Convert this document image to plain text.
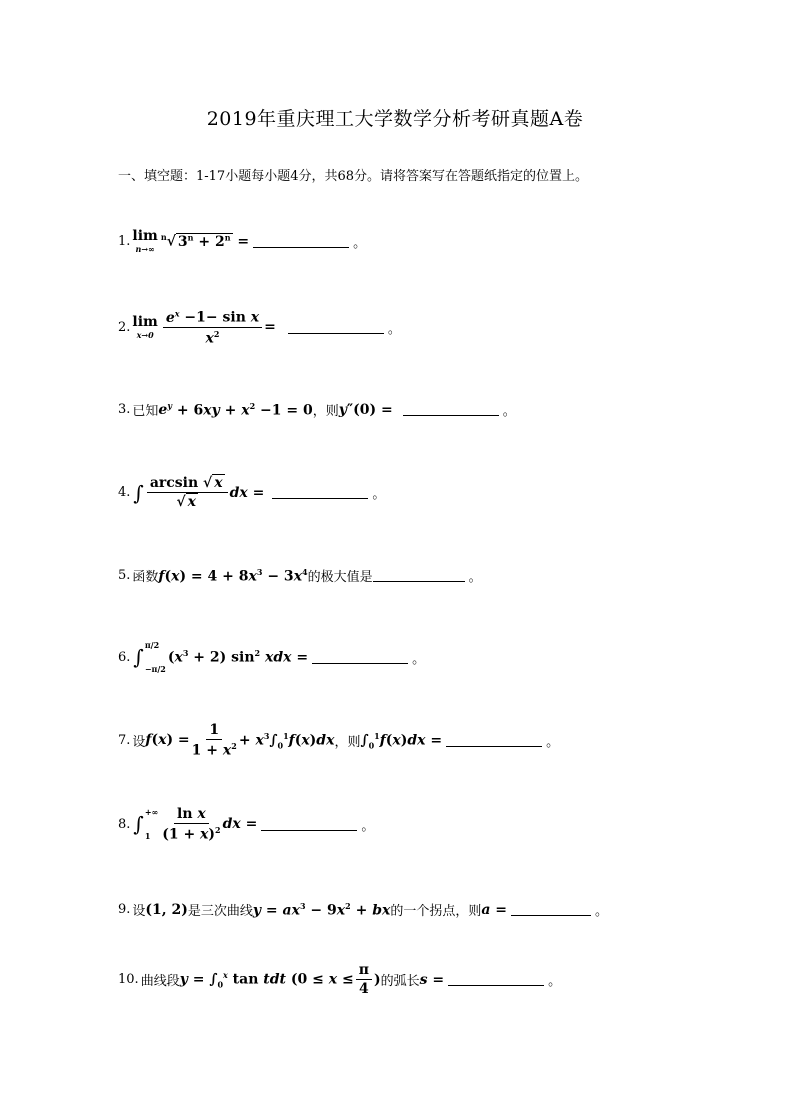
2019年重庆理工大学数学分析考研真题A卷
一、填空题：1-17小题每小题4分，共68分。请将答案写在答题纸指定的位置上。
1. lim
n→∞
$^n$√ $3^n + 2^n$ =	。
2. lim
$x\to 0 \frac{e^x -1- \sin x}{x^2}$ =	。
3. 已知 $e^y + 6xy + x^2 -1 = 0$ ，则 y″(0) =	。
4. ∫ $\frac{\arcsin √ x}{√ x}$ dx =	。
5. 函数 $f(x) = 4 + 8x^3 - 3x^4$ 的极大值是	。
6. ∫ π/2
−π/2
$(x^3 + 2)$ $\sin^2$ xdx =	。
7. 设 $f(x) = \frac{1}{1 + x^2} + x^3\int_0^1f(x)dx$ ，则 $\int_0^1f(x)dx$ =	。
8. ∫ +∞
$1 \frac{\text{ln x}}{(1 + x)^2}$ dx =	。
9. 设 (1, 2) 是三次曲线 $y = ax^3 - 9x^2$ + bx 的一个拐点，则 a =	。
10. 曲线段 $y = \int_0^x$ tan tdt ($0 \le x \le \frac{\pi}{4}$ ) 的弧长 s =	。
